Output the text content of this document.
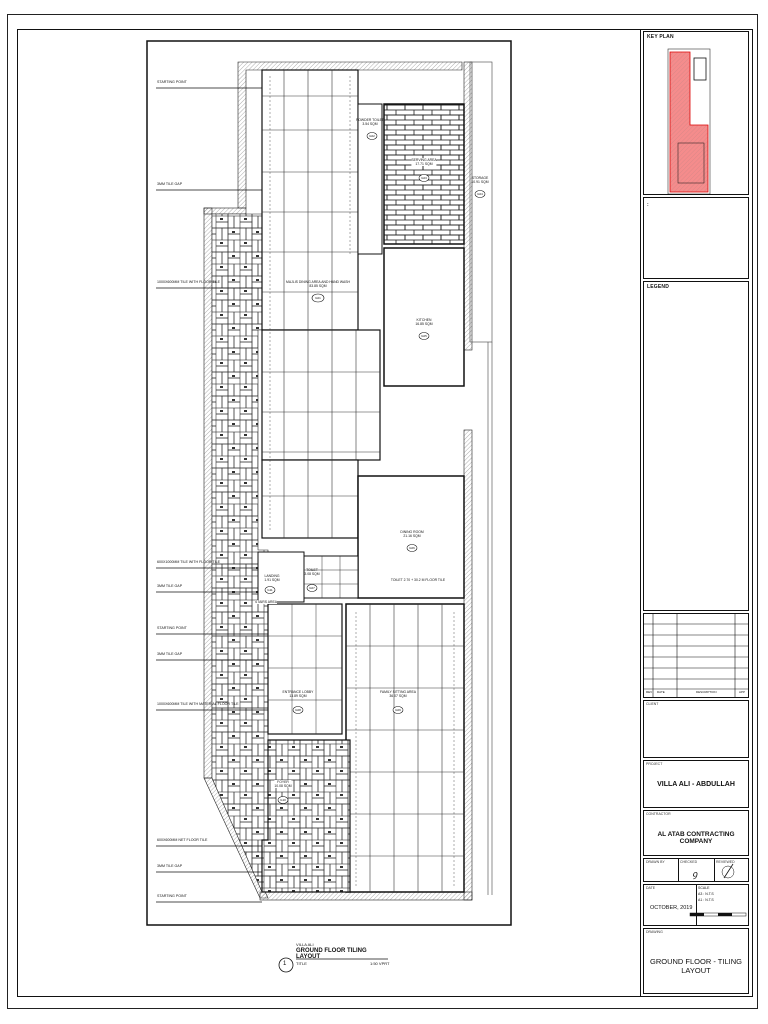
STARTING POINT
3MM TILE GAP
1000X600MM TILE WITH FLOOR TILE
600X1000MM TILE WITH FLOOR TILE
3MM TILE GAP
STARTING POINT
3MM TILE GAP
1000X600MM TILE WITH MATERIAL FLOOR TILE
600X600MM NET FLOOR TILE
3MM TILE GAP
STARTING POINT
MAJLIS DINING AREA AND HAND WASH
83.85 SQM
G01
POWDER TOILET
3.54 SQM
G02
SERVING AREA
17.71 SQM
G03	STORAGE
10.91 SQM
G04
KITCHEN
16.85 SQM
G05
DINING ROOM
21.16 SQM
G06
TOILET
3.08 SQM
G07
ENTRANCE LOBBY
13.89 SQM
G08
FAMILY SITTING AREA
36.07 SQM
G09
FOYER
10.08 SQM
G10
LANDING
1.91 SQM
G11
TOILET 2.70 + 30.2 M FLOOR TILE
STAIRS AREA
1
VILLA ALI
GROUND FLOOR TILING LAYOUT
TITLE	1:50 VPRT
KEY PLAN
:
LEGEND
REV DATE	DESCRIPTION	APP
CLIENT
PROJECT
VILLA ALI - ABDULLAH
CONTRACTOR
AL ATAB CONTRACTING COMPANY
DRAWN BY	CHECKED
ꝯ
REVIEWED
DATE
OCTOBER, 2019
SCALE
A3 : N.T.S
A1 : N.T.S
DRAWING
GROUND FLOOR - TILING LAYOUT
